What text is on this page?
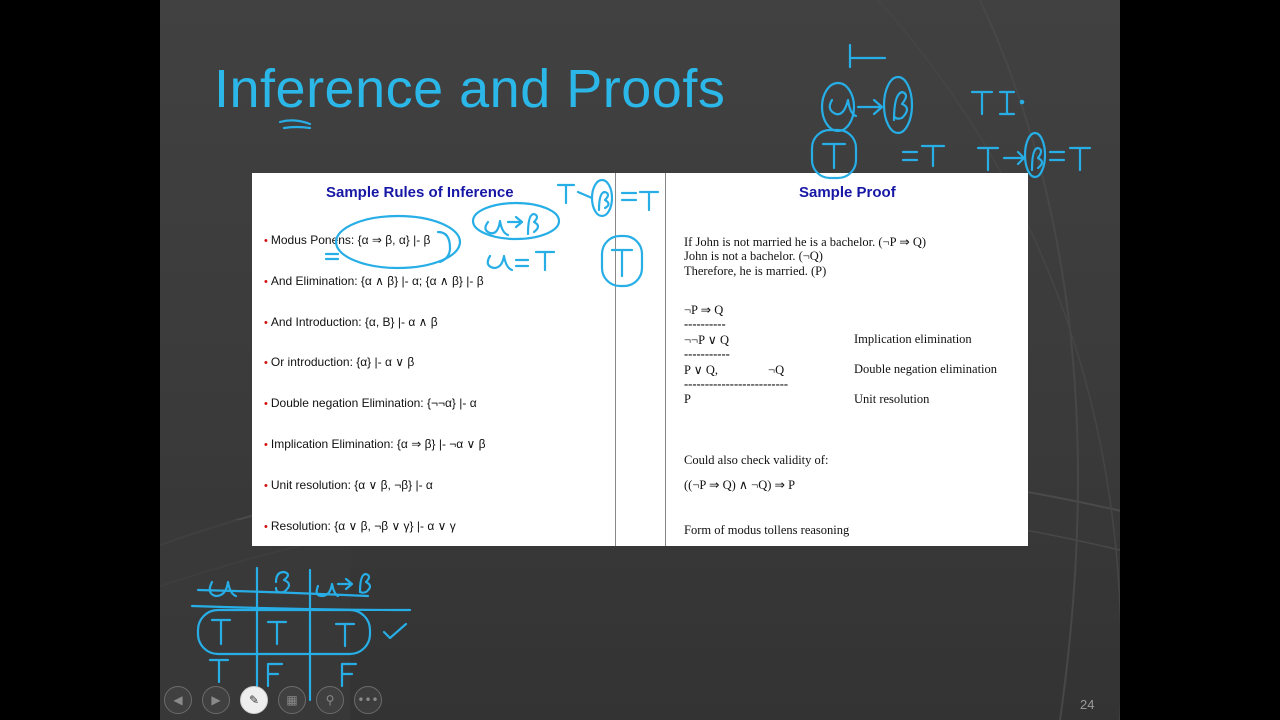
Inference and Proofs
Sample Rules of Inference
• Modus Ponens: {α ⇒ β, α} |- β
• And Elimination: {α ∧ β} |- α; {α ∧ β} |- β
• And Introduction: {α, B} |- α ∧ β
• Or introduction: {α} |- α ∨ β
• Double negation Elimination: {¬¬α} |- α
• Implication Elimination: {α ⇒ β} |- ¬α ∨ β
• Unit resolution: {α ∨ β, ¬β} |- α
• Resolution: {α ∨ β, ¬β ∨ γ} |- α ∨ γ
Sample Proof
If John is not married he is a bachelor. (¬P ⇒ Q)
John is not a bachelor. (¬Q)
Therefore, he is married. (P)
¬P ⇒ Q
----------
¬¬P ∨ Q	Implication elimination
-----------
P ∨ Q,                ¬Q	Double negation elimination
-------------------------
P	Unit resolution
Could also check validity of:
((¬P ⇒ Q) ∧ ¬Q) ⇒ P
Form of modus tollens reasoning
◀	▶	✎	▦	⚲	•••	24
